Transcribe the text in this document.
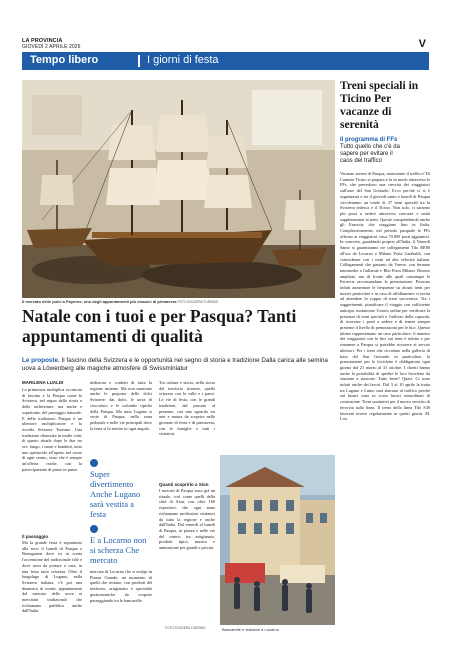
LA PROVINCIA
GIOVEDÌ 2 APRILE 2026	V
Tempo libero	I giorni di festa
Il mercato delle pulci a Payerne, uno degli appuntamenti più classici di primavera FOTO SVIZZERA TURISMO
Treni speciali in Ticino Per vacanze di serenità
Il programma di FFs
Tutto quello che c'è da sapere per evitare il caos del traffico
Vacanze serene di Pasqua, nonostante il traffico? Di Cantone Ticino si prepara e fa in modo attraverso le FFs, che prevedono una crescita dei viaggiatori sull'asse del San Gottardo. Ecco perché ci si è organizzati e tra il giovedì santo e lunedì di Pasqua circoleranno un totale di 27 treni speciali tra la Svizzera tedesca e il Ticino. Non solo, ci saranno più posti a sedere attraverso carrozze e unità supplementari ai treni. Queste comprendendo anche gli Eurocity che viaggiano fino in Italia. Complessivamente, nel periodo pasquale le FFs offrono ai viaggiatori circa 70.000 posti aggiuntivi. In concreto, guardando proprio all'Italia, il Venerdì Santo si garantiranno tre collegamenti Tilo RE80 all'ora da Locarno e Milano Porta Garibaldi, con coincidenze con i treni ad alta velocità italiani. Collegamenti che passano da Varese, con fermate intermedie a Gallarate e Rho Fiera Milano. Risorse ampliate, ma di fronte alle quali comunque le Ferrovie raccomandano la prenotazione. Possono infatti aumentare le frequenze su alcuni treni per motivi particolari e in caso di affollamento si invita ad attendere la coppia di treni successiva. Tra i suggerimenti, pianificare il viaggio con sufficiente anticipo, monitorare l'orario online per verificare la presenza di treni speciali e l'utilizzo della capacità, di riservare i posti a sedere e di tenere sempre presente il livello di prenotazioni per le bici. Questo ultime rappresentano un caso particolare: il numero dei viaggiatori con le bici sui treni è ridotto e per rimanere a Pasqua si potrebbe ricorrere ai servizi ulteriori. Per i treni che circolano nella galleria di base del San Gottardo in particolare, la prenotazione per le biciclette è obbligatoria ogni giorno dal 21 marzo al 31 ottobre. I clienti hanno anche la possibilità di spedire le loro biciclette da stazione a stazione. Tutto bene? Quasi. Ci sono infatti anche dei lavori. Dal 3 al 10 aprile la tratta tra Lugano e Luino sarà sbarrata al traffico perché sui binari sono in corso lavori straordinari di costruzione. Treni sostitutivi per il nuovo servizio di ferrovia sulla linea. Il treno della linea Tilo S30 lavorerà invece regolarmente in questi giorni. M. Loa.
Natale con i tuoi e per Pasqua? Tanti appuntamenti di qualità
Le proposte. Il fascino della Svizzera e le opportunità nel segno di storia e tradizione Dalla carica alle semina uova a Löwenberg alle magiche atmosfere di Swissminiatur
MARILENA LUALDI
La primavera moltiplica occasioni di fascino e la Pasqua come la Svizzera, nel segno della storia e delle architetture, ma anche e soprattutto del paesaggio naturale. E delle tradizioni. Pasqua è un ulteriore moltiplicatore e lo ricorda Svizzera Turismo. Una tradizione rilanciata in molte città, di questo rituale dopo le due tre ore, lungo, i suoni e bambini, tutto uno spettacolo all'aperto nel cuore di ogni centro, visto che è sempre un'offerta corale, con la partecipazione di paese in paese.
Il passaggio
Ma la grande festa è soprattutto alla sera: il lunedì di Pasqua a Bremgarten dove va in scena l'accensione del tradizionale falò e dove uova da portare a casa, in una festa tutta svizzera. Oltre il lungolago di Lugano, nella Svizzera italiana, c'è poi una dinamica di eventi, appuntamenti dal mercato delle uova ai mercatini tradizionali che richiamano pubblico anche dall'Italia.
dedizioni e confetti di tutta la regione insieme. Ma non mancano anche le proposte delle dolci Svizzere: dai dolci, le uova di cioccolato e le colombe tipiche della Pasqua. Ma tutta Lugano si veste di Pasqua, nella zona pedonale e nelle vie principali dove la festa si fa sentire in ogni angolo.
Super divertimento Anche Lugano sarà vestita a festa
E a Locarno non si scherza Che mercato
mercato di Locarno che si svolge in Piazza Grande: un momento di quelli che restano, con prodotti del territorio, artigianato e specialità gastronomiche da scoprire passeggiando tra le bancarelle.
Tra cultura e storia, nella storia del territorio ticinese, quella svizzera con la valle e i paesi. Le vie di festa, con le grandi tradizioni, dal passato al presente, con uno sguardo tra arte e natura da scoprire nelle giornate di festa e di primavera, con le famiglie e tutti i visitatori.
Quanti scoprirlo a Sion
I mercati di Pasqua sono già un rituale, così come quelli della città di Sion, con oltre 160 espositori, che ogni anno richiamano moltissimi visitatori da tutta la regione e anche dall'Italia. Dal venerdì al lunedì di Pasqua, in piazza e nelle vie del centro, tra artigianato, prodotti tipici, musica e animazione per grandi e piccini.
FOTO SVIZZERA TURISMO	Bancarelle e visitatori a Locarno
